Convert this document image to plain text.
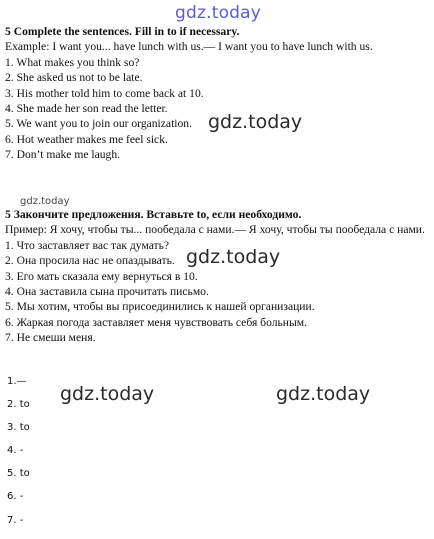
gdz.today
gdz.today
gdz.today
gdz.today
gdz.today	gdz.today
5 Complete the sentences. Fill in to if necessary.
Example: I want you... have lunch with us.— I want you to have lunch with us.
1. What makes you think so?
2. She asked us not to be late.
3. His mother told him to come back at 10.
4. She made her son read the letter.
5. We want you to join our organization.
6. Hot weather makes me feel sick.
7. Don’t make me laugh.
5 Закончите предложения. Вставьте to, если необходимо.
Пример: Я хочу, чтобы ты... пообедала с нами.— Я хочу, чтобы ты пообедала с нами.
1. Что заставляет вас так думать?
2. Она просила нас не опаздывать.
3. Его мать сказала ему вернуться в 10.
4. Она заставила сына прочитать письмо.
5. Мы хотим, чтобы вы присоединились к нашей организации.
6. Жаркая погода заставляет меня чувствовать себя больным.
7. Не смеши меня.
1.—
2. to
3. to
4. -
5. to
6. -
7. -
